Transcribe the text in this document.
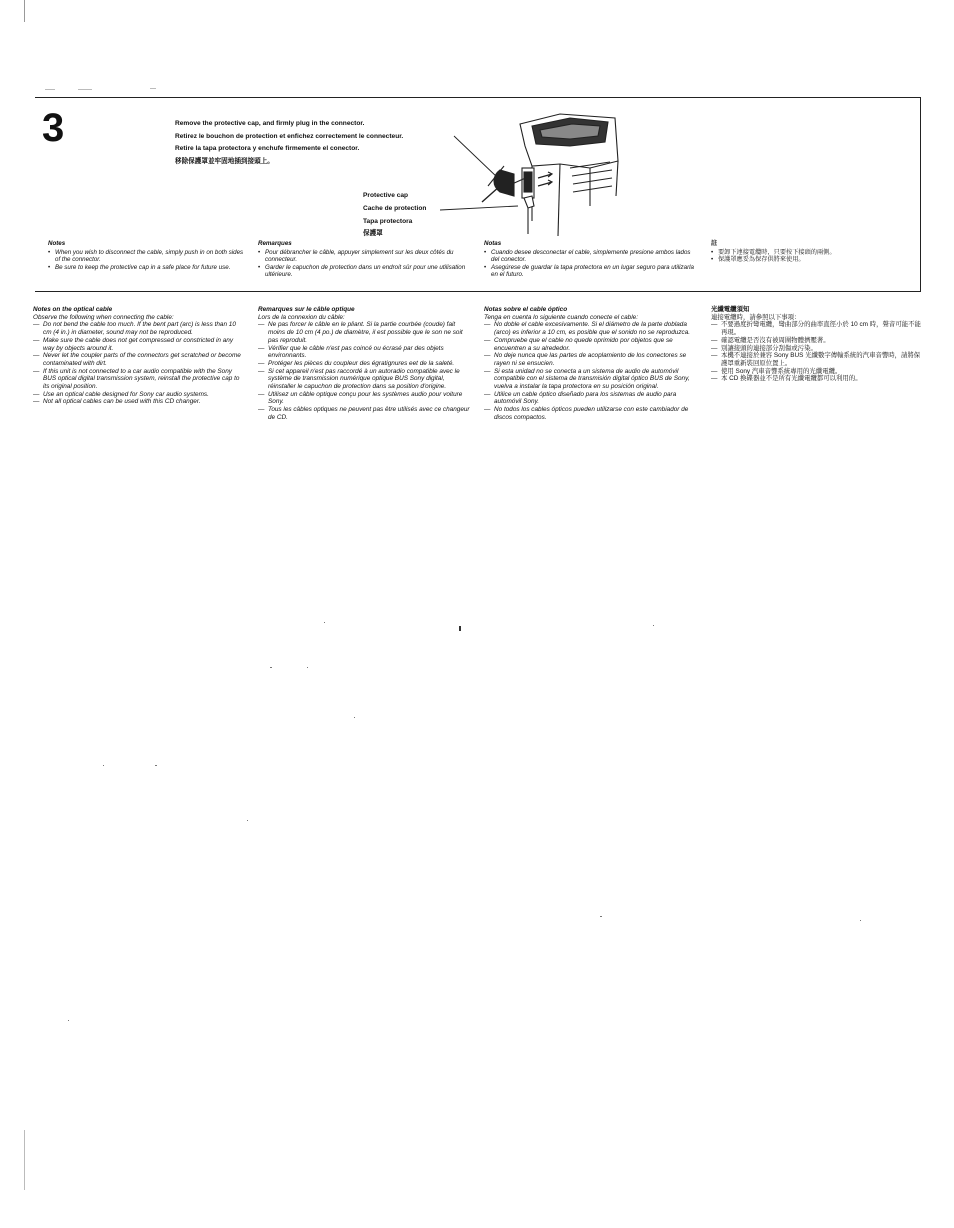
3	Remove the protective cap, and firmly plug in the connector.
Retirez le bouchon de protection et enfichez correctement le connecteur.
Retire la tapa protectora y enchufe firmemente el conector.
移除保護罩並牢固地插到接頭上。
Protective cap
Cache de protection
Tapa protectora
保護罩
Notes
• When you wish to disconnect the cable, simply push in on both sides of the connector.
• Be sure to keep the protective cap in a safe place for future use.
Remarques
• Pour débrancher le câble, appuyer simplement sur les deux côtés du connecteur.
• Garder le capuchon de protection dans un endroit sûr pour une utilisation ultérieure.
Notas
• Cuando desee desconectar el cable, simplemente presione ambos lados del conector.
• Asegúrese de guardar la tapa protectora en un lugar seguro para utilizarla en el futuro.
註
• 要卸下連接電纜時，只要按下接頭的兩側。
• 保護罩應妥為保存供將來使用。
Notes on the optical cable
Observe the following when connecting the cable:
— Do not bend the cable too much. If the bent part (arc) is less than 10 cm (4 in.) in diameter, sound may not be reproduced.
— Make sure the cable does not get compressed or constricted in any way by objects around it.
— Never let the coupler parts of the connectors get scratched or become contaminated with dirt.
— If this unit is not connected to a car audio compatible with the Sony BUS optical digital transmission system, reinstall the protective cap to its original position.
— Use an optical cable designed for Sony car audio systems.
— Not all optical cables can be used with this CD changer.
Remarques sur le câble optique
Lors de la connexion du câble:
— Ne pas forcer le câble en le pliant. Si la partie courbée (coude) fait moins de 10 cm (4 po.) de diamètre, il est possible que le son ne soit pas reproduit.
— Vérifier que le câble n'est pas coincé ou écrasé par des objets environnants.
— Protéger les pièces du coupleur des égratignures eet de la saleté.
— Si cet appareil n'est pas raccordé à un autoradio compatible avec le système de transmission numérique optique BUS Sony digital, réinstaller le capuchon de protection dans sa position d'origine.
— Utilisez un câble optique conçu pour les systèmes audio pour voiture Sony.
— Tous les câbles optiques ne peuvent pas être utilisés avec ce changeur de CD.
Notas sobre el cable óptico
Tenga en cuenta lo siguiente cuando conecte el cable:
— No doble el cable excesivamente. Si el diámetro de la parte doblada (arco) es inferior a 10 cm, es posible que el sonido no se reproduzca.
— Compruebe que el cable no quede oprimido por objetos que se encuentren a su alrededor.
— No deje nunca que las partes de acoplamiento de los conectores se rayen ni se ensucien.
— Si esta unidad no se conecta a un sistema de audio de automóvil compatible con el sistema de transmisión digital óptico BUS de Sony, vuelva a instalar la tapa protectora en su posición original.
— Utilice un cable óptico diseñado para los sistemas de audio para automóvil Sony.
— No todos los cables ópticos pueden utilizarse con este cambiador de discos compactos.
光纖電纜須知
連接電纜時，請參照以下事項：
— 不要過度折彎電纜，彎曲部分的曲率直徑小於 10 cm 時，聲音可能不能再現。
— 確認電纜是否沒有被周圍物體擠壓著。
— 別讓接頭的連接部分刮傷或污染。
— 本機不連接於兼容 Sony BUS 光纖數字傳輸系統的汽車音響時，請將保護罩重新裝回原位置上。
— 使用 Sony 汽車音響系統專用的光纖電纜。
— 本 CD 換碟器並不是所有光纖電纜都可以利用的。
